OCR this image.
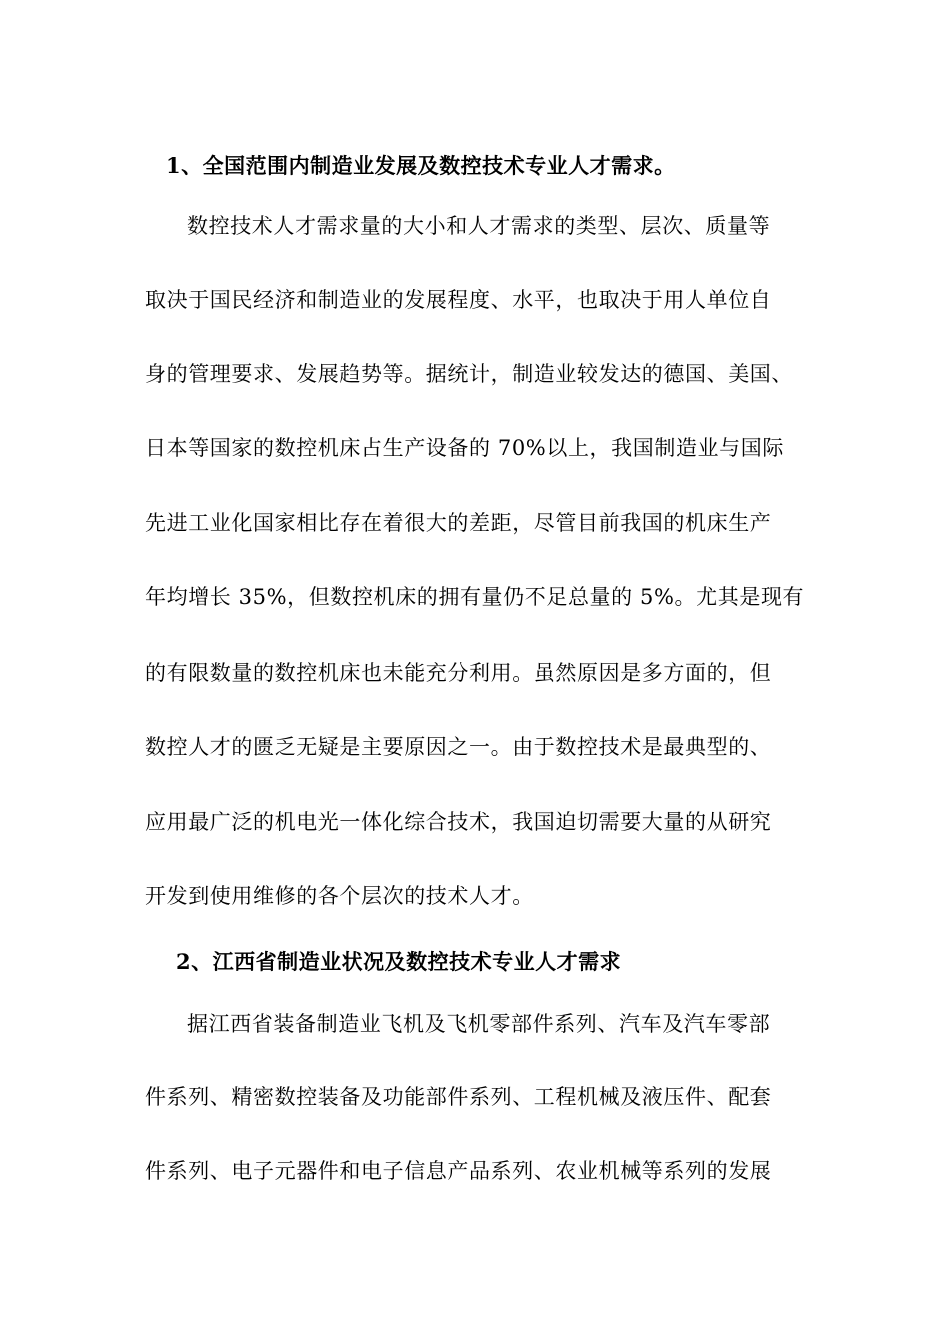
1、全国范围内制造业发展及数控技术专业人才需求。

数控技术人才需求量的大小和人才需求的类型、层次、质量等

取决于国民经济和制造业的发展程度、水平，也取决于用人单位自

身的管理要求、发展趋势等。据统计，制造业较发达的德国、美国、

日本等国家的数控机床占生产设备的 70%以上，我国制造业与国际

先进工业化国家相比存在着很大的差距，尽管目前我国的机床生产

年均增长 35%，但数控机床的拥有量仍不足总量的 5%。尤其是现有

的有限数量的数控机床也未能充分利用。虽然原因是多方面的，但

数控人才的匮乏无疑是主要原因之一。由于数控技术是最典型的、

应用最广泛的机电光一体化综合技术，我国迫切需要大量的从研究

开发到使用维修的各个层次的技术人才。

2、江西省制造业状况及数控技术专业人才需求

据江西省装备制造业飞机及飞机零部件系列、汽车及汽车零部

件系列、精密数控装备及功能部件系列、工程机械及液压件、配套

件系列、电子元器件和电子信息产品系列、农业机械等系列的发展
